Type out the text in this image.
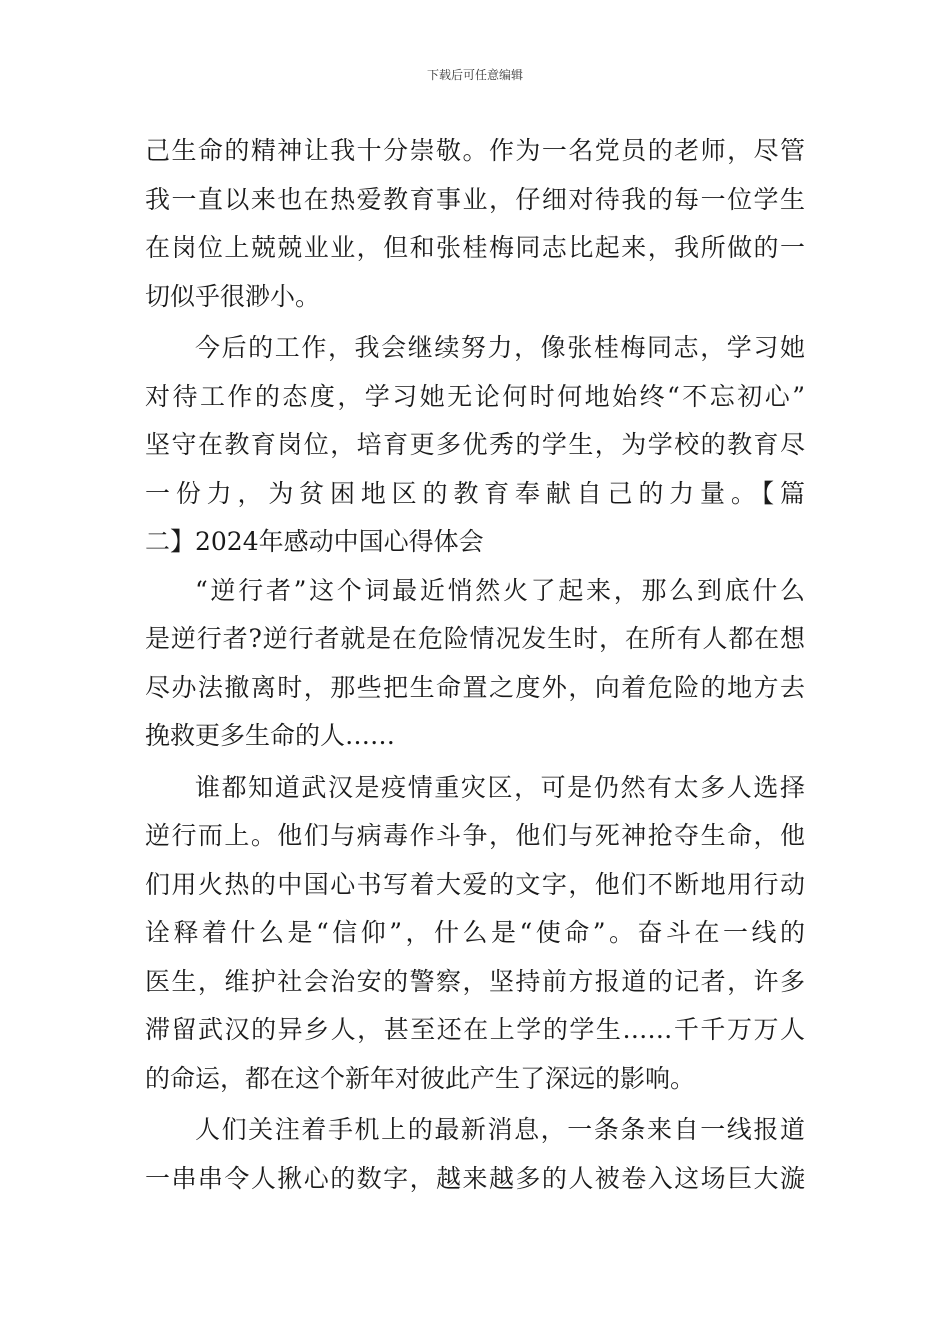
下载后可任意编辑
己生命的精神让我十分崇敬。作为一名党员的老师，尽管
我一直以来也在热爱教育事业，仔细对待我的每一位学生
在岗位上兢兢业业，但和张桂梅同志比起来，我所做的一
切似乎很渺小。
今后的工作，我会继续努力，像张桂梅同志，学习她
对待工作的态度，学习她无论何时何地始终“不忘初心”
坚守在教育岗位，培育更多优秀的学生，为学校的教育尽
一份力，为贫困地区的教育奉献自己的力量。【篇
二】2024年感动中国心得体会
“逆行者”这个词最近悄然火了起来，那么到底什么
是逆行者?逆行者就是在危险情况发生时，在所有人都在想
尽办法撤离时，那些把生命置之度外，向着危险的地方去
挽救更多生命的人……
谁都知道武汉是疫情重灾区，可是仍然有太多人选择
逆行而上。他们与病毒作斗争，他们与死神抢夺生命，他
们用火热的中国心书写着大爱的文字，他们不断地用行动
诠释着什么是“信仰”，什么是“使命”。奋斗在一线的
医生，维护社会治安的警察，坚持前方报道的记者，许多
滞留武汉的异乡人，甚至还在上学的学生……千千万万人
的命运，都在这个新年对彼此产生了深远的影响。
人们关注着手机上的最新消息，一条条来自一线报道
一串串令人揪心的数字，越来越多的人被卷入这场巨大漩
